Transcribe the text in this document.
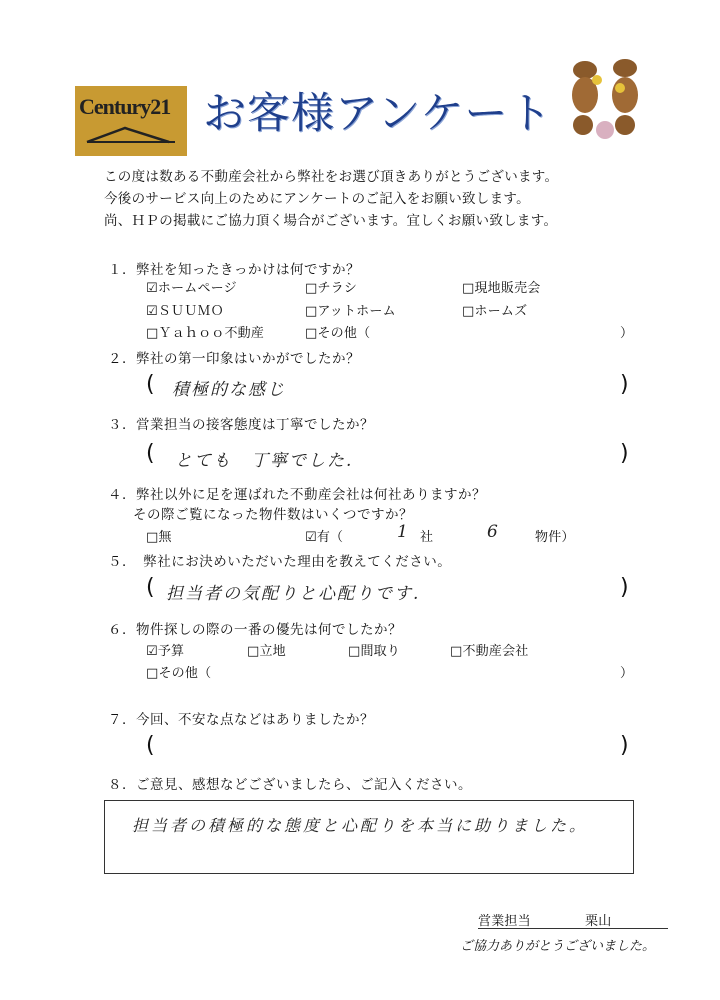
Century21 お客様アンケート
この度は数ある不動産会社から弊社をお選び頂きありがとうございます。
今後のサービス向上のためにアンケートのご記入をお願い致します。
尚、ＨＰの掲載にご協力頂く場合がございます。宜しくお願い致します。
１．弊社を知ったきっかけは何ですか？
☑ホームページ	□チラシ	□現地販売会
☑ＳＵＵＭＯ	□アットホーム	□ホームズ
□Ｙａｈｏｏ不動産	□その他（	）
２．弊社の第一印象はいかがでしたか？
( 積極的な感じ	)
３．営業担当の接客態度は丁寧でしたか？
( とても　丁寧でした.	)
４．弊社以外に足を運ばれた不動産会社は何社ありますか？
その際ご覧になった物件数はいくつですか？
□無	☑有（	1 社	6	物件）
５．　弊社にお決めいただいた理由を教えてください。
( 担当者の気配りと心配りです.	)
６．物件探しの際の一番の優先は何でしたか？
☑予算	□立地	□間取り	□不動産会社
□その他（	）
７．今回、不安な点などはありましたか？
(	)
８．ご意見、感想などございましたら、ご記入ください。
担当者の積極的な態度と心配りを本当に助りました。
営業担当	栗山
ご協力ありがとうございました。
